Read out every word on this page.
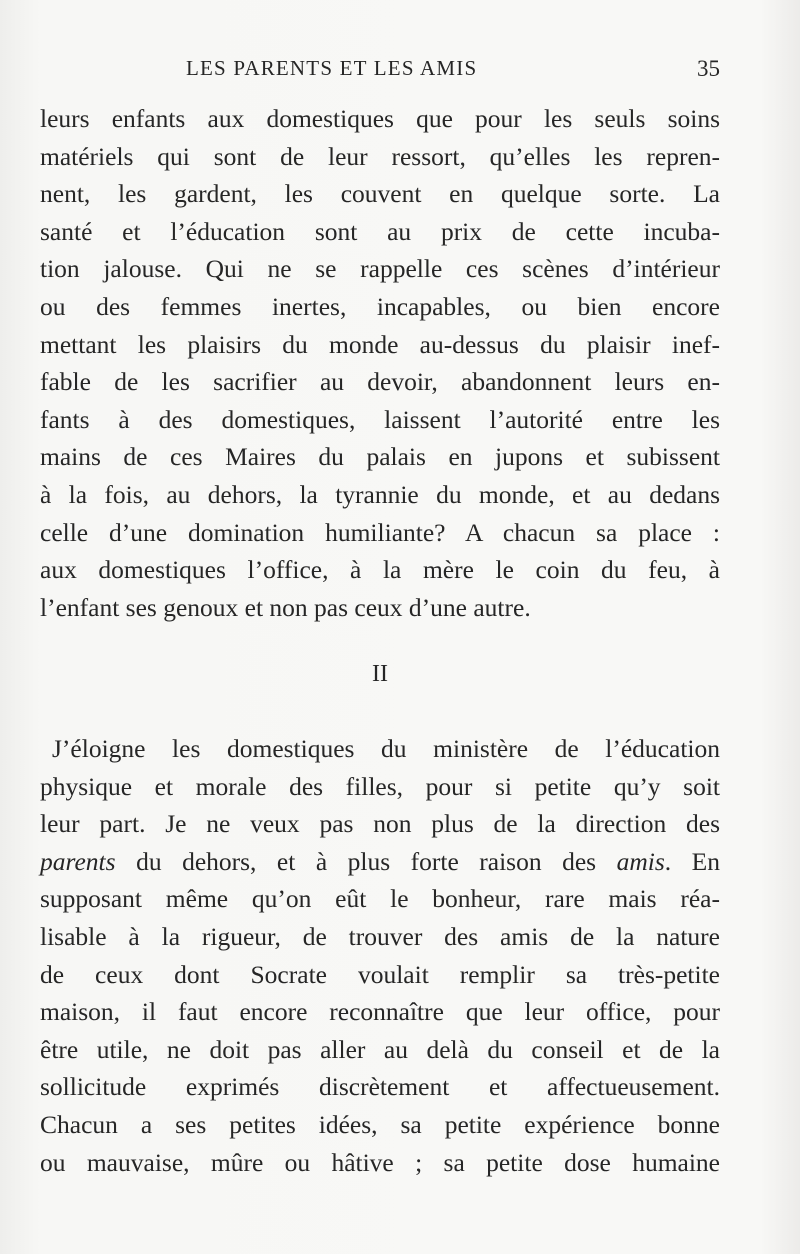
LES PARENTS ET LES AMIS	35
leurs enfants aux domestiques que pour les seuls soins
matériels qui sont de leur ressort, qu’elles les repren-
nent, les gardent, les couvent en quelque sorte. La
santé et l’éducation sont au prix de cette incuba-
tion jalouse. Qui ne se rappelle ces scènes d’intérieur
ou des femmes inertes, incapables, ou bien encore
mettant les plaisirs du monde au-dessus du plaisir inef-
fable de les sacrifier au devoir, abandonnent leurs en-
fants à des domestiques, laissent l’autorité entre les
mains de ces Maires du palais en jupons et subissent
à la fois, au dehors, la tyrannie du monde, et au dedans
celle d’une domination humiliante? A chacun sa place :
aux domestiques l’office, à la mère le coin du feu, à
l’enfant ses genoux et non pas ceux d’une autre.
II
J’éloigne les domestiques du ministère de l’éducation
physique et morale des filles, pour si petite qu’y soit
leur part. Je ne veux pas non plus de la direction des
parents du dehors, et à plus forte raison des amis. En
supposant même qu’on eût le bonheur, rare mais réa-
lisable à la rigueur, de trouver des amis de la nature
de ceux dont Socrate voulait remplir sa très-petite
maison, il faut encore reconnaître que leur office, pour
être utile, ne doit pas aller au delà du conseil et de la
sollicitude exprimés discrètement et affectueusement.
Chacun a ses petites idées, sa petite expérience bonne
ou mauvaise, mûre ou hâtive ; sa petite dose humaine
